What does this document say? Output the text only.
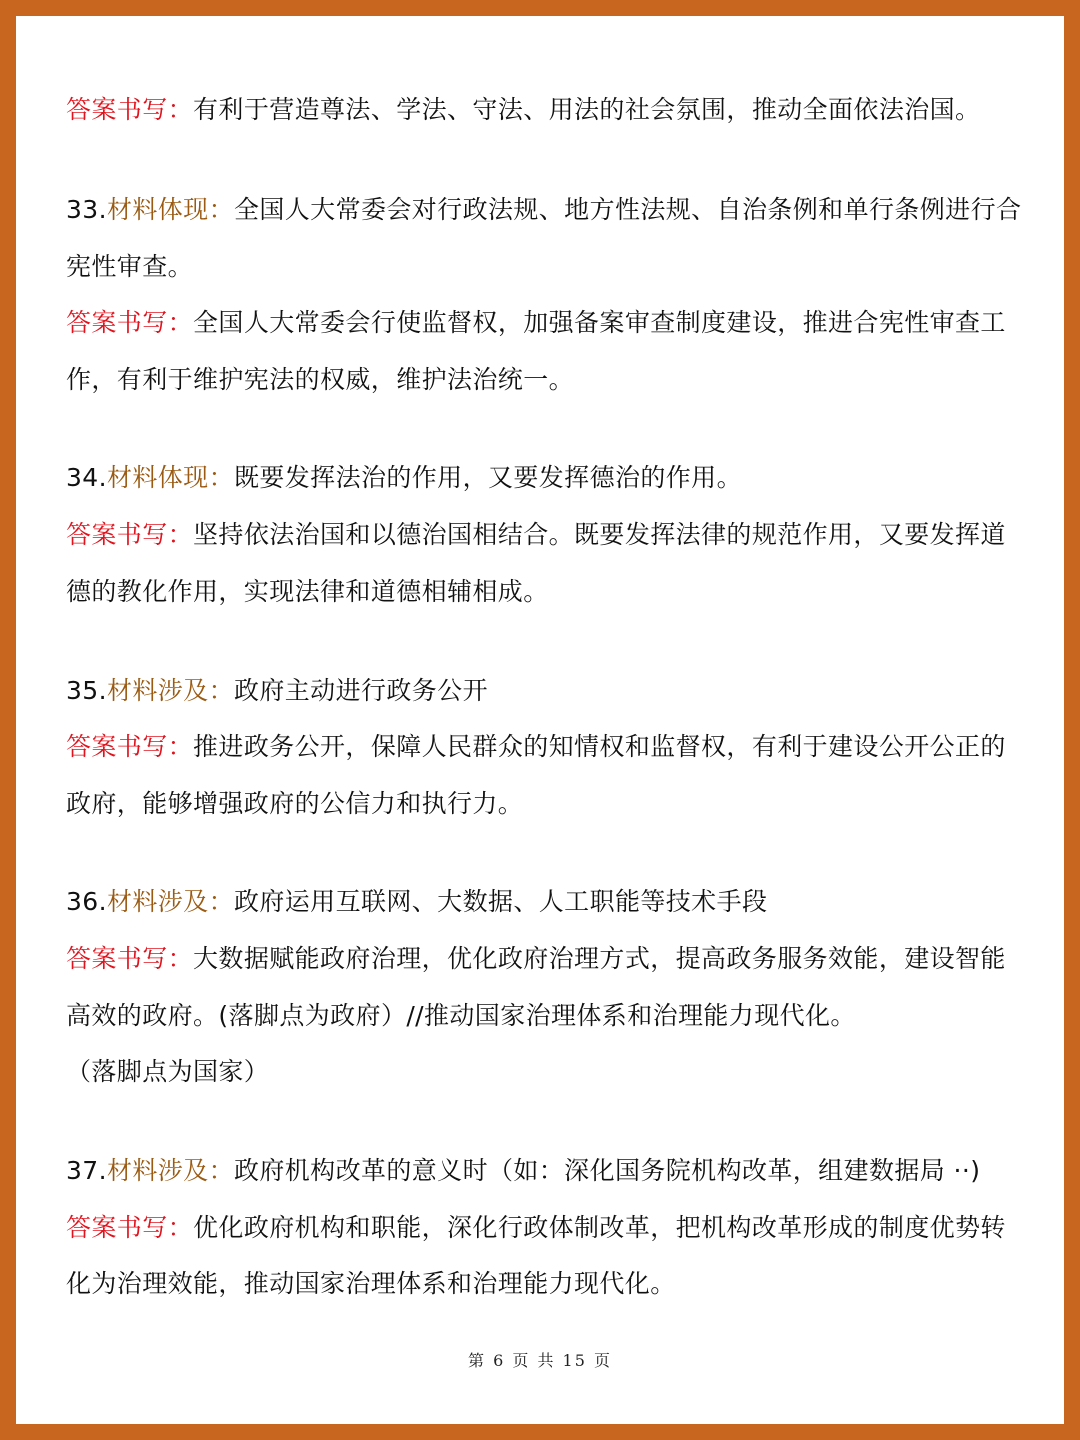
答案书写：有利于营造尊法、学法、守法、用法的社会氛围，推动全面依法治国。
33.材料体现：全国人大常委会对行政法规、地方性法规、自治条例和单行条例进行合
宪性审查。
答案书写：全国人大常委会行使监督权，加强备案审查制度建设，推进合宪性审查工
作，有利于维护宪法的权威，维护法治统一。
34.材料体现：既要发挥法治的作用，又要发挥德治的作用。
答案书写：坚持依法治国和以德治国相结合。既要发挥法律的规范作用，又要发挥道
德的教化作用，实现法律和道德相辅相成。
35.材料涉及：政府主动进行政务公开
答案书写：推进政务公开，保障人民群众的知情权和监督权，有利于建设公开公正的
政府，能够增强政府的公信力和执行力。
36.材料涉及：政府运用互联网、大数据、人工职能等技术手段
答案书写：大数据赋能政府治理，优化政府治理方式，提高政务服务效能，建设智能
高效的政府。(落脚点为政府）//推动国家治理体系和治理能力现代化。
（落脚点为国家）
37.材料涉及：政府机构改革的意义时（如：深化国务院机构改革，组建数据局 ··)
答案书写：优化政府机构和职能，深化行政体制改革，把机构改革形成的制度优势转
化为治理效能，推动国家治理体系和治理能力现代化。
第 6 页 共 15 页
